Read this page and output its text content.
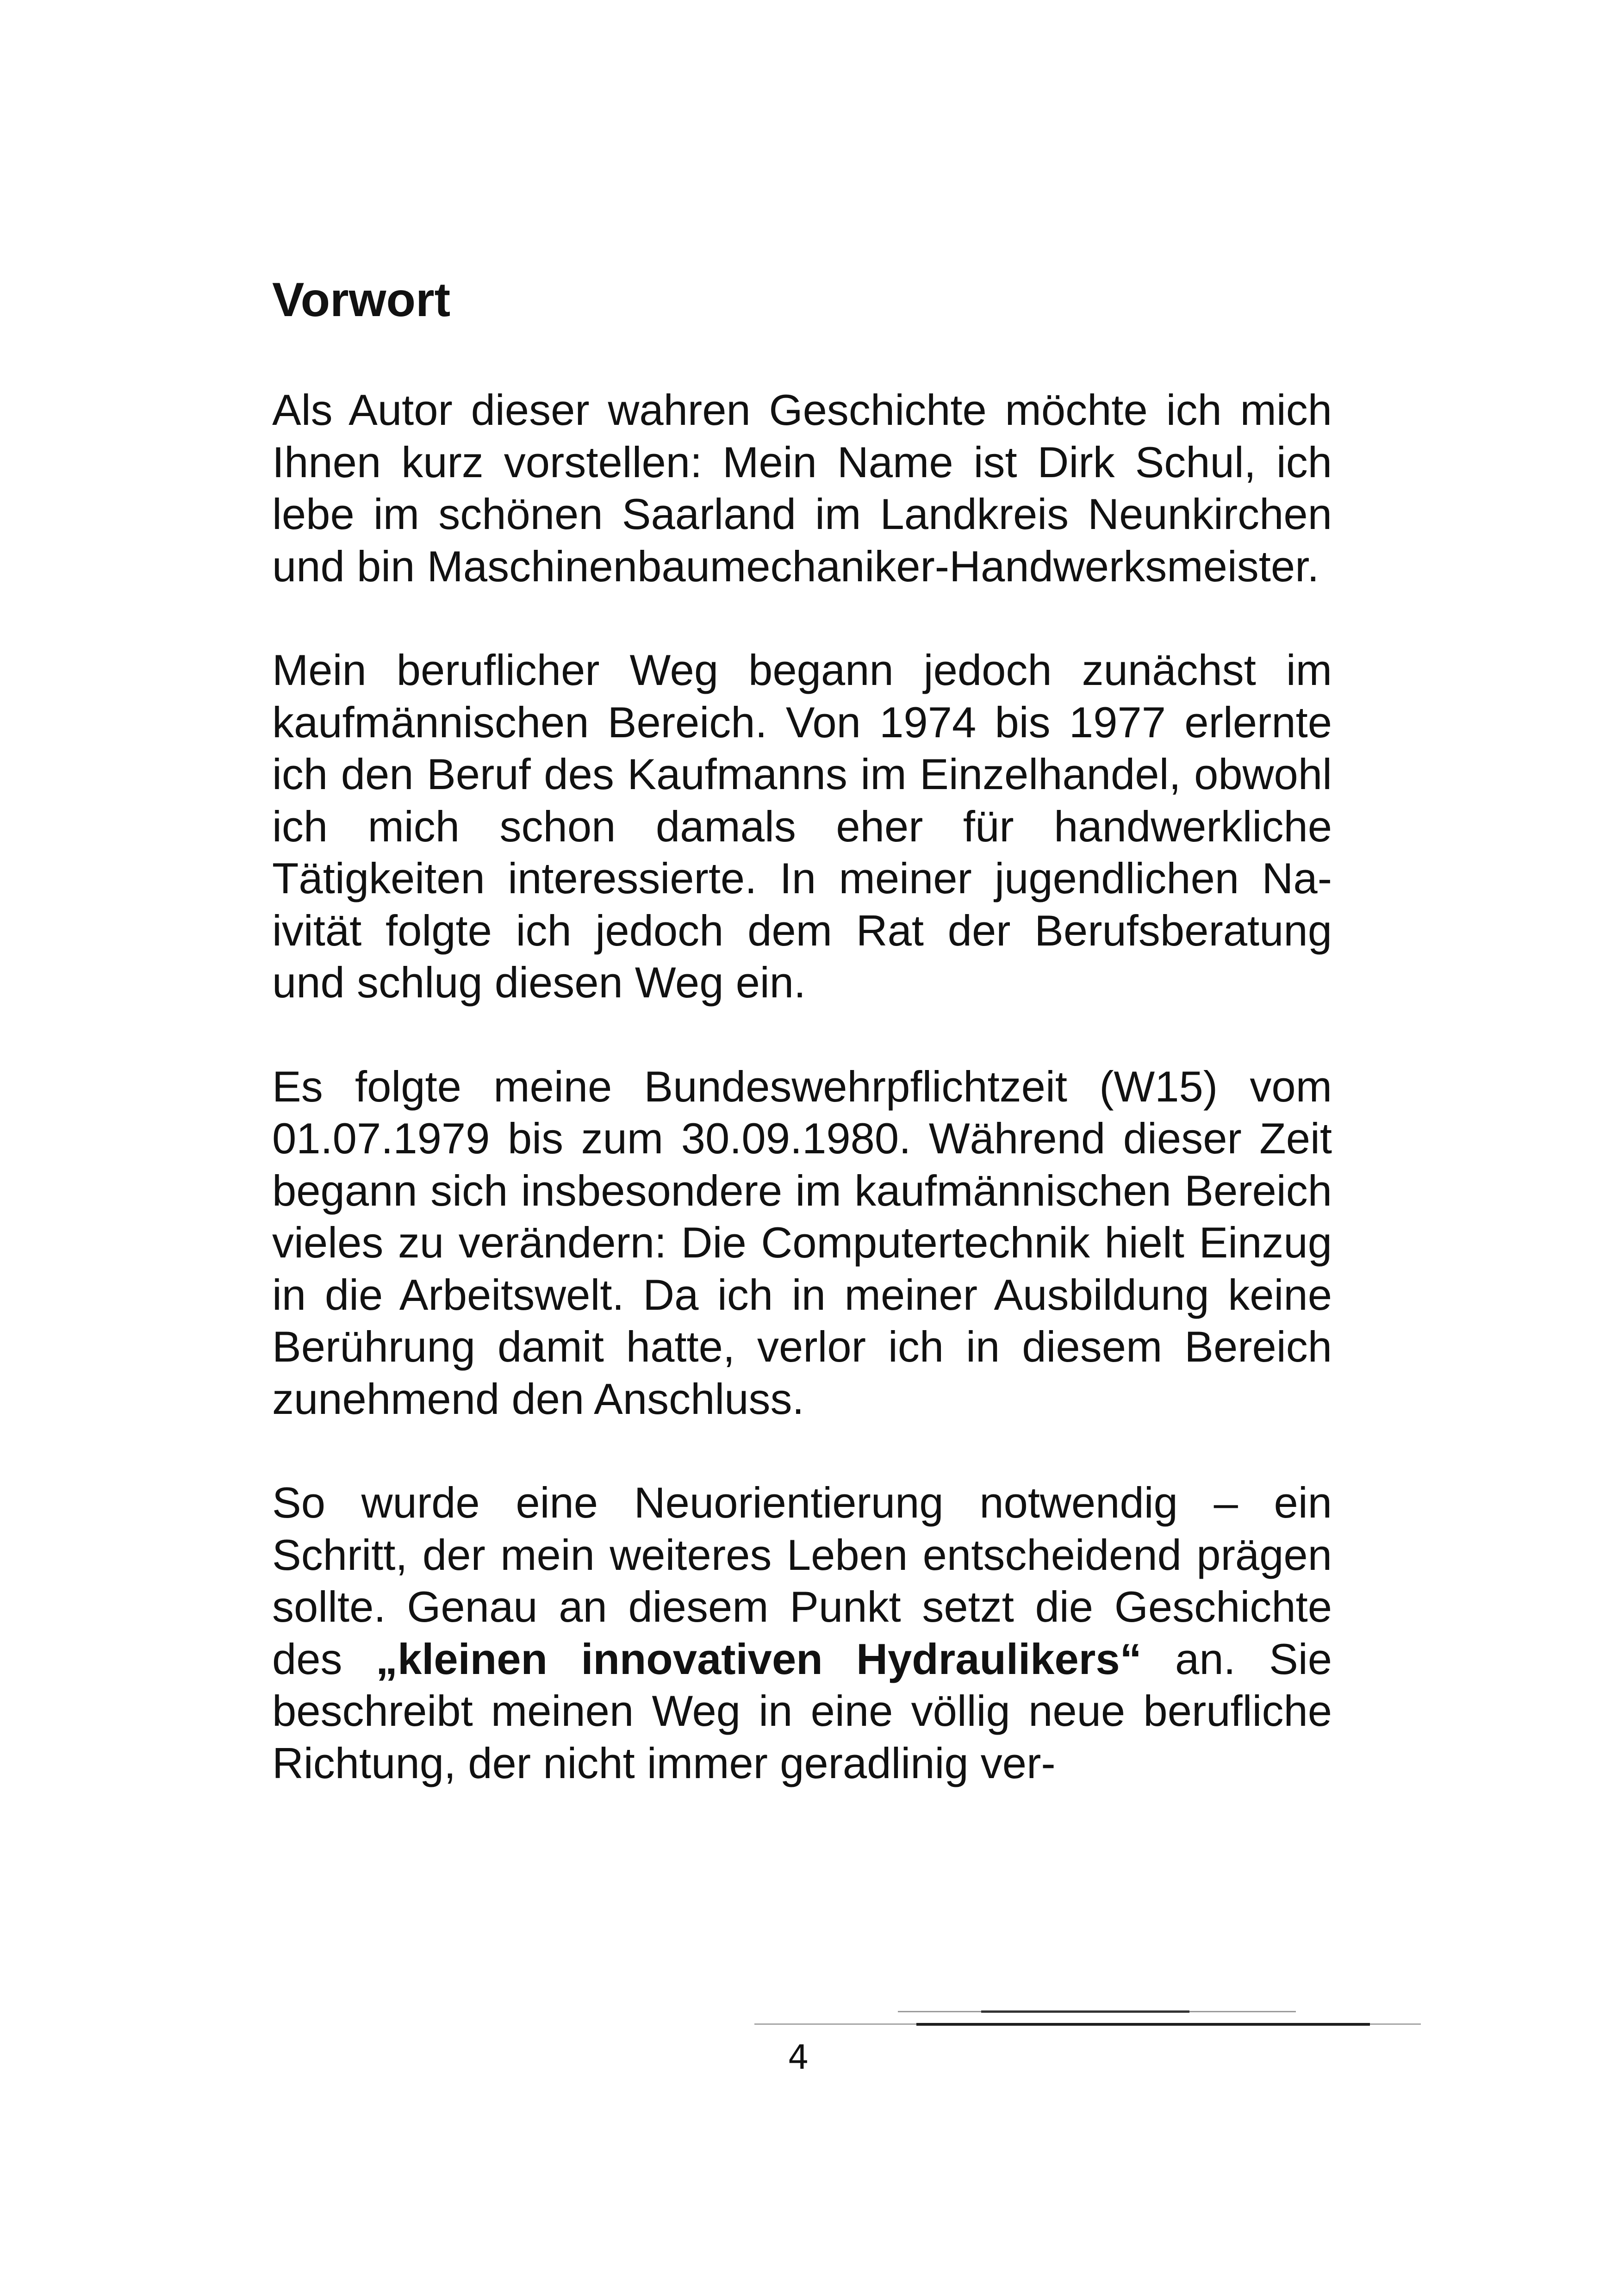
Vorwort

Als Autor dieser wahren Geschichte möchte ich mich Ihnen kurz vorstellen: Mein Name ist Dirk Schul, ich lebe im schönen Saarland im Landkreis Neunkirchen und bin Maschinenbaumechaniker-Handwerksmeister.

Mein beruflicher Weg begann jedoch zunächst im kaufmännischen Bereich. Von 1974 bis 1977 erlernte ich den Beruf des Kaufmanns im Einzelhandel, obwohl ich mich schon damals eher für handwerkliche Tätigkeiten interessierte. In meiner jugendlichen Naivität folgte ich jedoch dem Rat der Berufsberatung und schlug diesen Weg ein.

Es folgte meine Bundeswehrpflichtzeit (W15) vom 01.07.1979 bis zum 30.09.1980. Während dieser Zeit begann sich insbesondere im kaufmännischen Bereich vieles zu verändern: Die Computertechnik hielt Einzug in die Arbeitswelt. Da ich in meiner Ausbildung keine Berührung damit hatte, verlor ich in diesem Bereich zunehmend den Anschluss.

So wurde eine Neuorientierung notwendig – ein Schritt, der mein weiteres Leben entscheidend prägen sollte. Genau an diesem Punkt setzt die Geschichte des „kleinen innovativen Hydraulikers“ an. Sie beschreibt meinen Weg in eine völlig neue berufliche Richtung, der nicht immer geradlinig ver-

4
